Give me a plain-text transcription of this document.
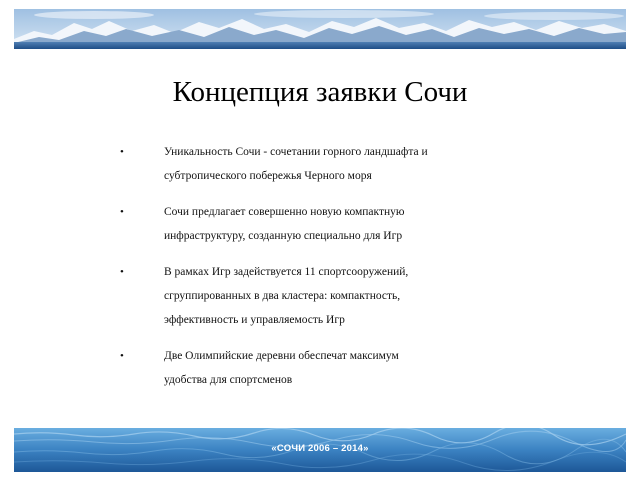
Концепция заявки Сочи
•	Уникальность Сочи - сочетании горного ландшафта и
субтропического побережья Черного моря
•	Сочи предлагает совершенно новую компактную
инфраструктуру, созданную специально для Игр
•	В рамках Игр задействуется 11 спортсооружений,
сгруппированных в два кластера: компактность,
эффективность и управляемость Игр
•	Две Олимпийские деревни обеспечат максимум
удобства для спортсменов
«СОЧИ 2006 – 2014»
